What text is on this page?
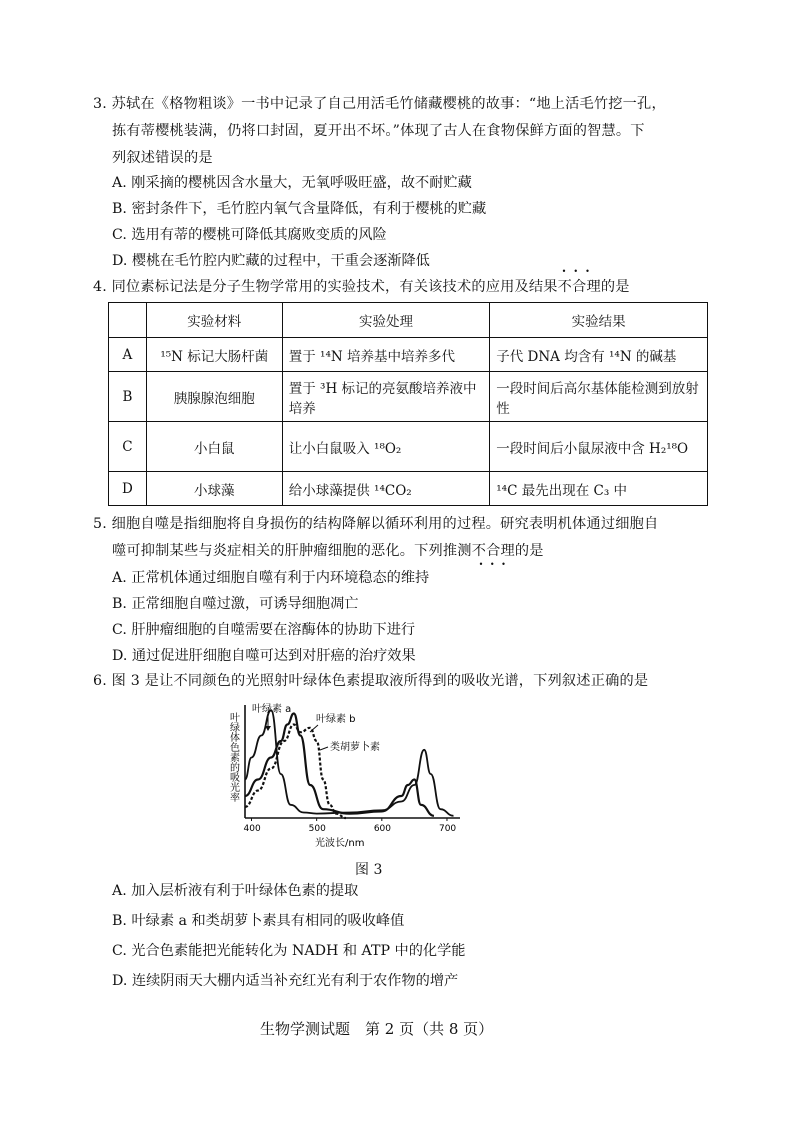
3. 苏轼在《格物粗谈》一书中记录了自己用活毛竹储藏樱桃的故事：“地上活毛竹挖一孔，
拣有蒂樱桃装满，仍将口封固，夏开出不坏。”体现了古人在食物保鲜方面的智慧。下
列叙述错误的是
A. 刚采摘的樱桃因含水量大，无氧呼吸旺盛，故不耐贮藏
B. 密封条件下，毛竹腔内氧气含量降低，有利于樱桃的贮藏
C. 选用有蒂的樱桃可降低其腐败变质的风险
D. 樱桃在毛竹腔内贮藏的过程中，干重会逐渐降低
4. 同位素标记法是分子生物学常用的实验技术，有关该技术的应用及结果不合理 •••的是
	实验材料	实验处理	实验结果
A	¹⁵N 标记大肠杆菌	置于 ¹⁴N 培养基中培养多代	子代 DNA 均含有 ¹⁴N 的碱基
B	胰腺腺泡细胞	置于 ³H 标记的亮氨酸培养液中培养	一段时间后高尔基体能检测到放射性
C	小白鼠	让小白鼠吸入 ¹⁸O₂	一段时间后小鼠尿液中含 H₂¹⁸O
D	小球藻	给小球藻提供 ¹⁴CO₂	¹⁴C 最先出现在 C₃ 中
5. 细胞自噬是指细胞将自身损伤的结构降解以循环利用的过程。研究表明机体通过细胞自
噬可抑制某些与炎症相关的肝肿瘤细胞的恶化。下列推测不合理 • • •的是
A. 正常机体通过细胞自噬有利于内环境稳态的维持
B. 正常细胞自噬过激，可诱导细胞凋亡
C. 肝肿瘤细胞的自噬需要在溶酶体的协助下进行
D. 通过促进肝细胞自噬可达到对肝癌的治疗效果
6. 图 3 是让不同颜色的光照射叶绿体色素提取液所得到的吸收光谱，下列叙述正确的是
400	500	600	700
叶绿体色素的吸光率
光波长/nm
叶绿素 a
叶绿素 b
类胡萝卜素
图 3
A. 加入层析液有利于叶绿体色素的提取
B. 叶绿素 a 和类胡萝卜素具有相同的吸收峰值
C. 光合色素能把光能转化为 NADH 和 ATP 中的化学能
D. 连续阴雨天大棚内适当补充红光有利于农作物的增产
生物学测试题　第 2 页（共 8 页）
